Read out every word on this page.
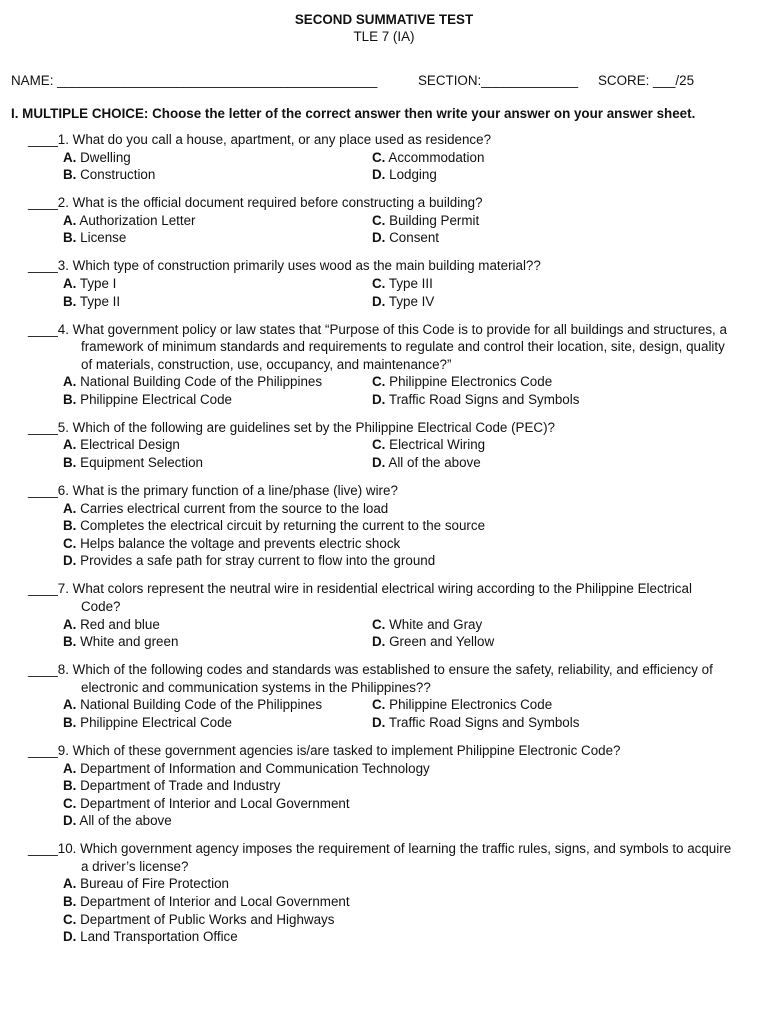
SECOND SUMMATIVE TEST
TLE 7 (IA)
NAME: ___________________________________________	SECTION:_____________ SCORE: ___/25
I. MULTIPLE CHOICE: Choose the letter of the correct answer then write your answer on your answer sheet.
____1. What do you call a house, apartment, or any place used as residence?
A. Dwelling	C. Accommodation
B. Construction	D. Lodging
____2. What is the official document required before constructing a building?
A. Authorization Letter	C. Building Permit
B. License	D. Consent
____3. Which type of construction primarily uses wood as the main building material??
A. Type I	C. Type III
B. Type II	D. Type IV
____4. What government policy or law states that “Purpose of this Code is to provide for all buildings and structures, a
framework of minimum standards and requirements to regulate and control their location, site, design, quality
of materials, construction, use, occupancy, and maintenance?”
A. National Building Code of the Philippines	C. Philippine Electronics Code
B. Philippine Electrical Code	D. Traffic Road Signs and Symbols
____5. Which of the following are guidelines set by the Philippine Electrical Code (PEC)?
A. Electrical Design	C. Electrical Wiring
B. Equipment Selection	D. All of the above
____6. What is the primary function of a line/phase (live) wire?
A. Carries electrical current from the source to the load
B. Completes the electrical circuit by returning the current to the source
C. Helps balance the voltage and prevents electric shock
D. Provides a safe path for stray current to flow into the ground
____7. What colors represent the neutral wire in residential electrical wiring according to the Philippine Electrical
Code?
A. Red and blue	C. White and Gray
B. White and green	D. Green and Yellow
____8. Which of the following codes and standards was established to ensure the safety, reliability, and efficiency of
electronic and communication systems in the Philippines??
A. National Building Code of the Philippines	C. Philippine Electronics Code
B. Philippine Electrical Code	D. Traffic Road Signs and Symbols
____9. Which of these government agencies is/are tasked to implement Philippine Electronic Code?
A. Department of Information and Communication Technology
B. Department of Trade and Industry
C. Department of Interior and Local Government
D. All of the above
____10. Which government agency imposes the requirement of learning the traffic rules, signs, and symbols to acquire
a driver’s license?
A. Bureau of Fire Protection
B. Department of Interior and Local Government
C. Department of Public Works and Highways
D. Land Transportation Office
